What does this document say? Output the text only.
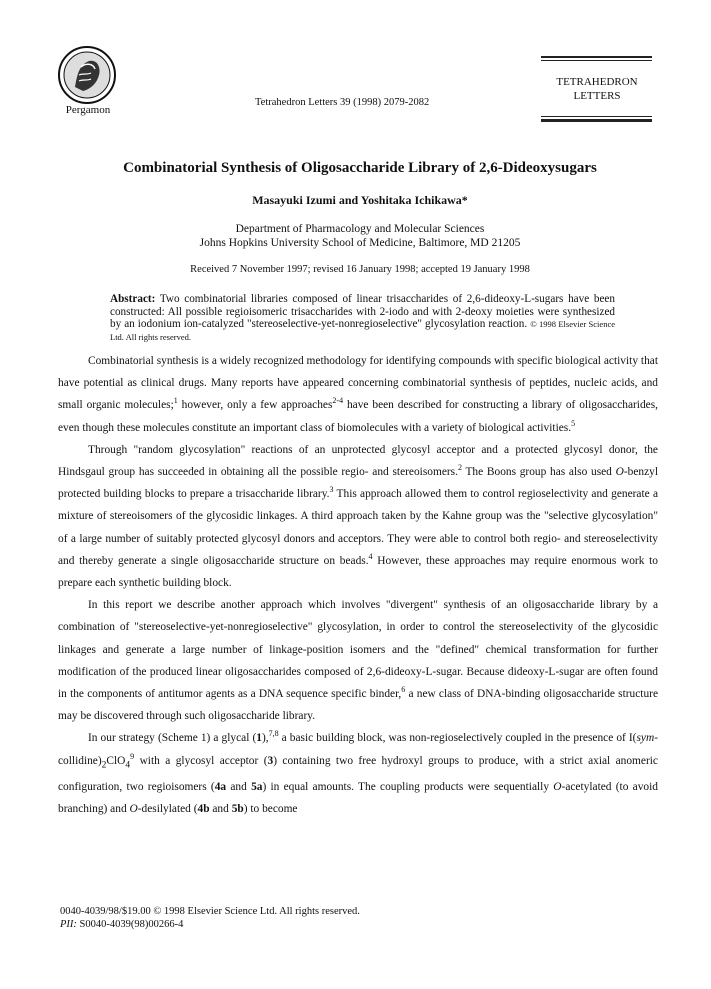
Pergamon
Tetrahedron Letters 39 (1998) 2079-2082
TETRAHEDRON
LETTERS
Combinatorial Synthesis of Oligosaccharide Library of 2,6-Dideoxysugars
Masayuki Izumi and Yoshitaka Ichikawa*
Department of Pharmacology and Molecular Sciences
Johns Hopkins University School of Medicine, Baltimore, MD 21205
Received 7 November 1997; revised 16 January 1998; accepted 19 January 1998
Abstract: Two combinatorial libraries composed of linear trisaccharides of 2,6-dideoxy-L-sugars have been constructed: All possible regioisomeric trisaccharides with 2-iodo and with 2-deoxy moieties were synthesized by an iodonium ion-catalyzed "stereoselective-yet-nonregioselective" glycosylation reaction. © 1998 Elsevier Science Ltd. All rights reserved.

Combinatorial synthesis is a widely recognized methodology for identifying compounds with specific biological activity that have potential as clinical drugs. Many reports have appeared concerning combinatorial synthesis of peptides, nucleic acids, and small organic molecules;$^1$ however, only a few approaches$^{2-4}$ have been described for constructing a library of oligosaccharides, even though these molecules constitute an important class of biomolecules with a variety of biological activities.$^5$

Through "random glycosylation" reactions of an unprotected glycosyl acceptor and a protected glycosyl donor, the Hindsgaul group has succeeded in obtaining all the possible regio- and stereoisomers.$^2$ The Boons group has also used O-benzyl protected building blocks to prepare a trisaccharide library.$^3$ This approach allowed them to control regioselectivity and generate a mixture of stereoisomers of the glycosidic linkages. A third approach taken by the Kahne group was the "selective glycosylation" of a large number of suitably protected glycosyl donors and acceptors. They were able to control both regio- and stereoselectivity and thereby generate a single oligosaccharide structure on beads.$^4$ However, these approaches may require enormous work to prepare each synthetic building block.

In this report we describe another approach which involves "divergent" synthesis of an oligosaccharide library by a combination of "stereoselective-yet-nonregioselective" glycosylation, in order to control the stereoselectivity of the glycosidic linkages and generate a large number of linkage-position isomers and the "defined" chemical transformation for further modification of the produced linear oligosaccharides composed of 2,6-dideoxy-L-sugar. Because dideoxy-L-sugar are often found in the components of antitumor agents as a DNA sequence specific binder,$^6$ a new class of DNA-binding oligosaccharide structure may be discovered through such oligosaccharide library.

In our strategy (Scheme 1) a glycal (1),$^{7,8}$ a basic building block, was non-regioselectively coupled in the presence of $I(sym-collidine)_2ClO_4^9$ with a glycosyl acceptor (3) containing two free hydroxyl groups to produce, with a strict axial anomeric configuration, two regioisomers (4a and 5a) in equal amounts. The coupling products were sequentially O-acetylated (to avoid branching) and O-desilylated (4b and 5b) to become

0040-4039/98/$19.00 © 1998 Elsevier Science Ltd. All rights reserved.
PII: S0040-4039(98)00266-4
